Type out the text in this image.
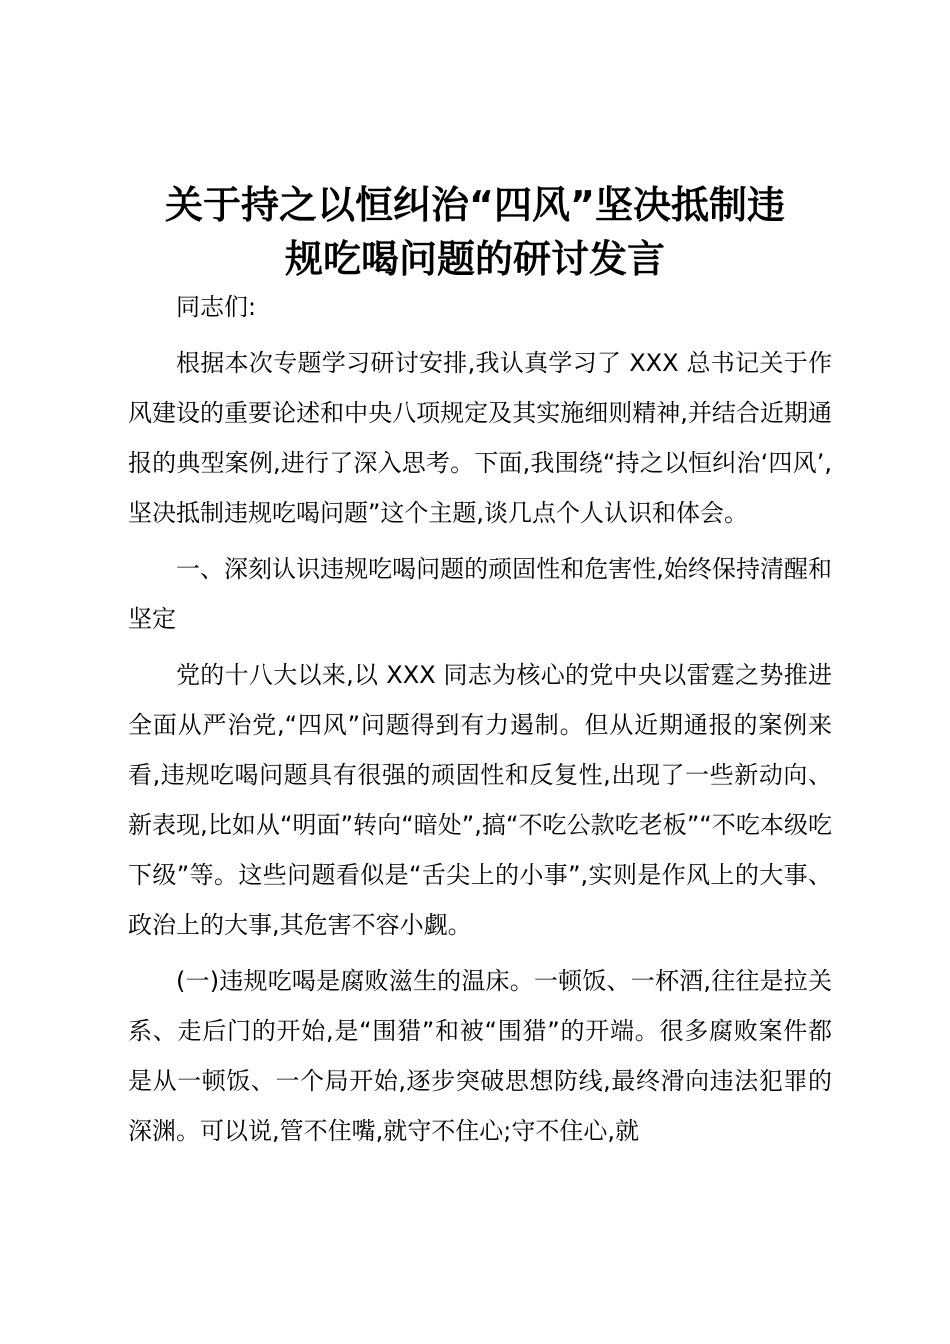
关于持之以恒纠治“四风”坚决抵制违
规吃喝问题的研讨发言

同志们:

根据本次专题学习研讨安排,我认真学习了 XXX 总书记关于作风建设的重要论述和中央八项规定及其实施细则精神,并结合近期通报的典型案例,进行了深入思考。下面,我围绕“持之以恒纠治‘四风’,坚决抵制违规吃喝问题”这个主题,谈几点个人认识和体会。

一、深刻认识违规吃喝问题的顽固性和危害性,始终保持清醒和坚定

党的十八大以来,以 XXX 同志为核心的党中央以雷霆之势推进全面从严治党,“四风”问题得到有力遏制。但从近期通报的案例来看,违规吃喝问题具有很强的顽固性和反复性,出现了一些新动向、新表现,比如从“明面”转向“暗处”,搞“不吃公款吃老板”“不吃本级吃下级”等。这些问题看似是“舌尖上的小事”,实则是作风上的大事、政治上的大事,其危害不容小觑。

(一)违规吃喝是腐败滋生的温床。一顿饭、一杯酒,往往是拉关系、走后门的开始,是“围猎”和被“围猎”的开端。很多腐败案件都是从一顿饭、一个局开始,逐步突破思想防线,最终滑向违法犯罪的深渊。可以说,管不住嘴,就守不住心;守不住心,就
